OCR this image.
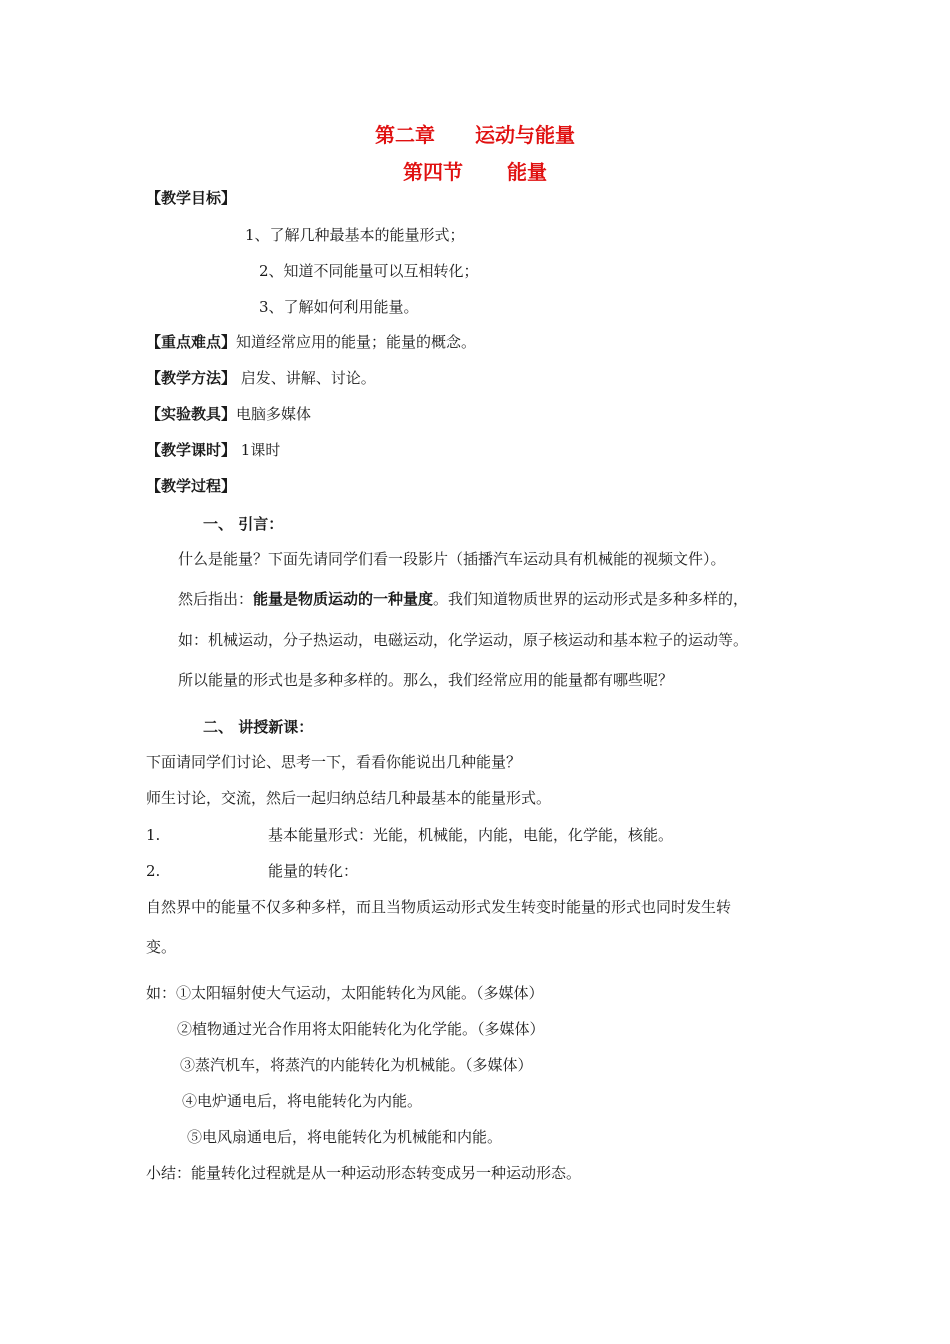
第二章 运动与能量
第四节 能量
【教学目标】
1、了解几种最基本的能量形式；
2、知道不同能量可以互相转化；
3、了解如何利用能量。
【重点难点】知道经常应用的能量；能量的概念。
【教学方法】 启发、讲解、讨论。
【实验教具】电脑多媒体
【教学课时】 1课时
【教学过程】
一、 引言：
什么是能量？下面先请同学们看一段影片（插播汽车运动具有机械能的视频文件）。
然后指出：能量是物质运动的一种量度。我们知道物质世界的运动形式是多种多样的，
如：机械运动，分子热运动，电磁运动，化学运动，原子核运动和基本粒子的运动等。
所以能量的形式也是多种多样的。那么，我们经常应用的能量都有哪些呢？
二、 讲授新课：
下面请同学们讨论、思考一下，看看你能说出几种能量？
师生讨论，交流，然后一起归纳总结几种最基本的能量形式。
1.	基本能量形式：光能，机械能，内能，电能，化学能，核能。
2.	能量的转化：
自然界中的能量不仅多种多样，而且当物质运动形式发生转变时能量的形式也同时发生转
变。
如：①太阳辐射使大气运动，太阳能转化为风能。（多媒体）
②植物通过光合作用将太阳能转化为化学能。（多媒体）
③蒸汽机车，将蒸汽的内能转化为机械能。（多媒体）
④电炉通电后，将电能转化为内能。
⑤电风扇通电后，将电能转化为机械能和内能。
小结：能量转化过程就是从一种运动形态转变成另一种运动形态。
